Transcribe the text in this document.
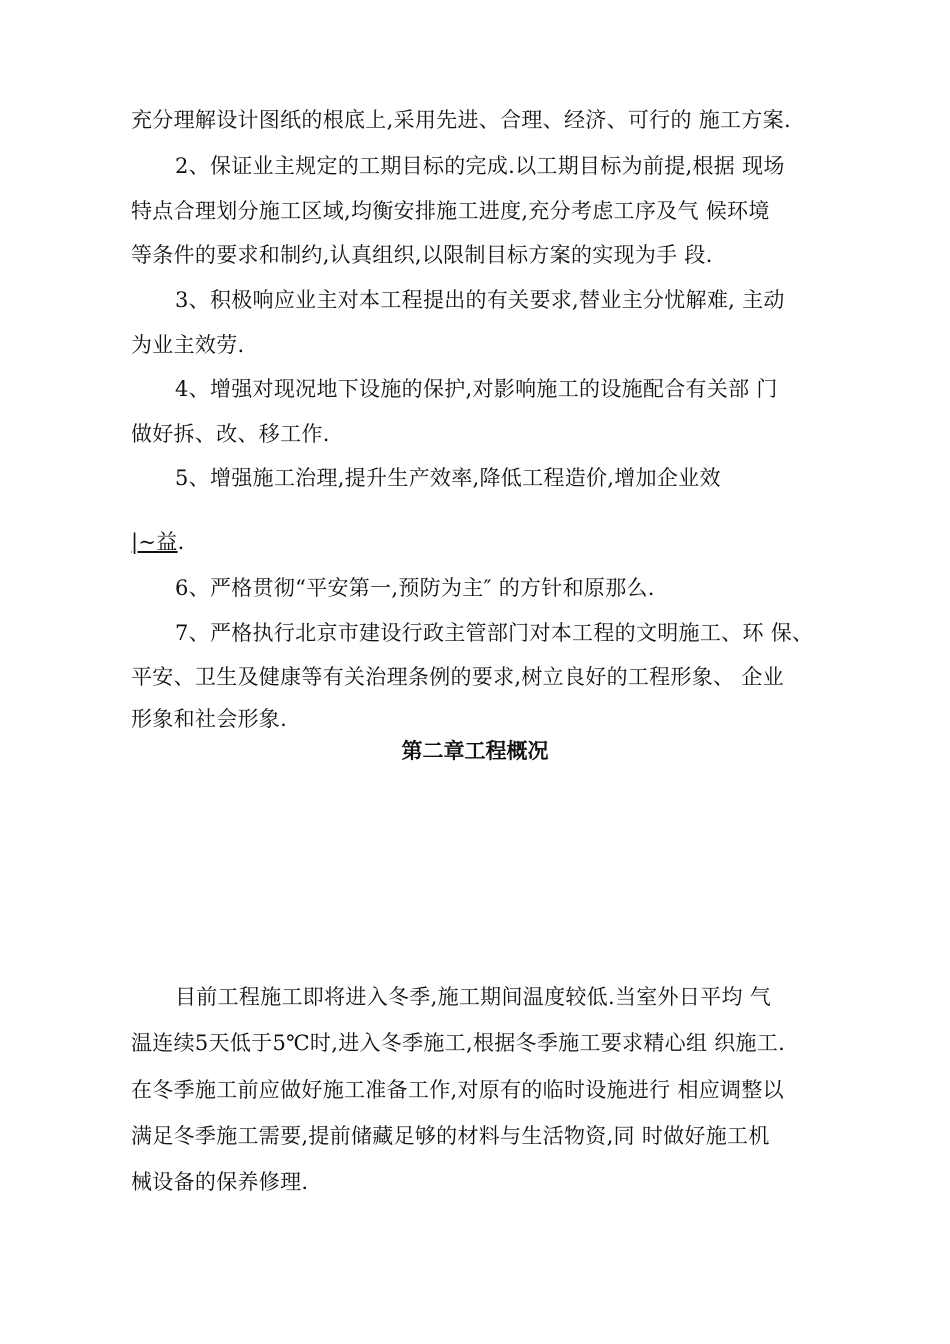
充分理解设计图纸的根底上,采用先进、合理、经济、可行的 施工方案.
2、保证业主规定的工期目标的完成.以工期目标为前提,根据 现场
特点合理划分施工区域,均衡安排施工进度,充分考虑工序及气 候环境
等条件的要求和制约,认真组织,以限制目标方案的实现为手 段.
3、积极响应业主对本工程提出的有关要求,替业主分忧解难, 主动
为业主效劳.
4、增强对现况地下设施的保护,对影响施工的设施配合有关部 门
做好拆、改、移工作.
5、增强施工治理,提升生产效率,降低工程造价,增加企业效
|~益.
6、严格贯彻“平安第一,预防为主″ 的方针和原那么.
7、严格执行北京市建设行政主管部门对本工程的文明施工、环 保、
平安、卫生及健康等有关治理条例的要求,树立良好的工程形象、 企业
形象和社会形象.
第二章工程概况
目前工程施工即将进入冬季,施工期间温度较低.当室外日平均 气
温连续5天低于5℃时,进入冬季施工,根据冬季施工要求精心组 织施工.
在冬季施工前应做好施工准备工作,对原有的临时设施进行 相应调整以
满足冬季施工需要,提前储藏足够的材料与生活物资,同 时做好施工机
械设备的保养修理.
